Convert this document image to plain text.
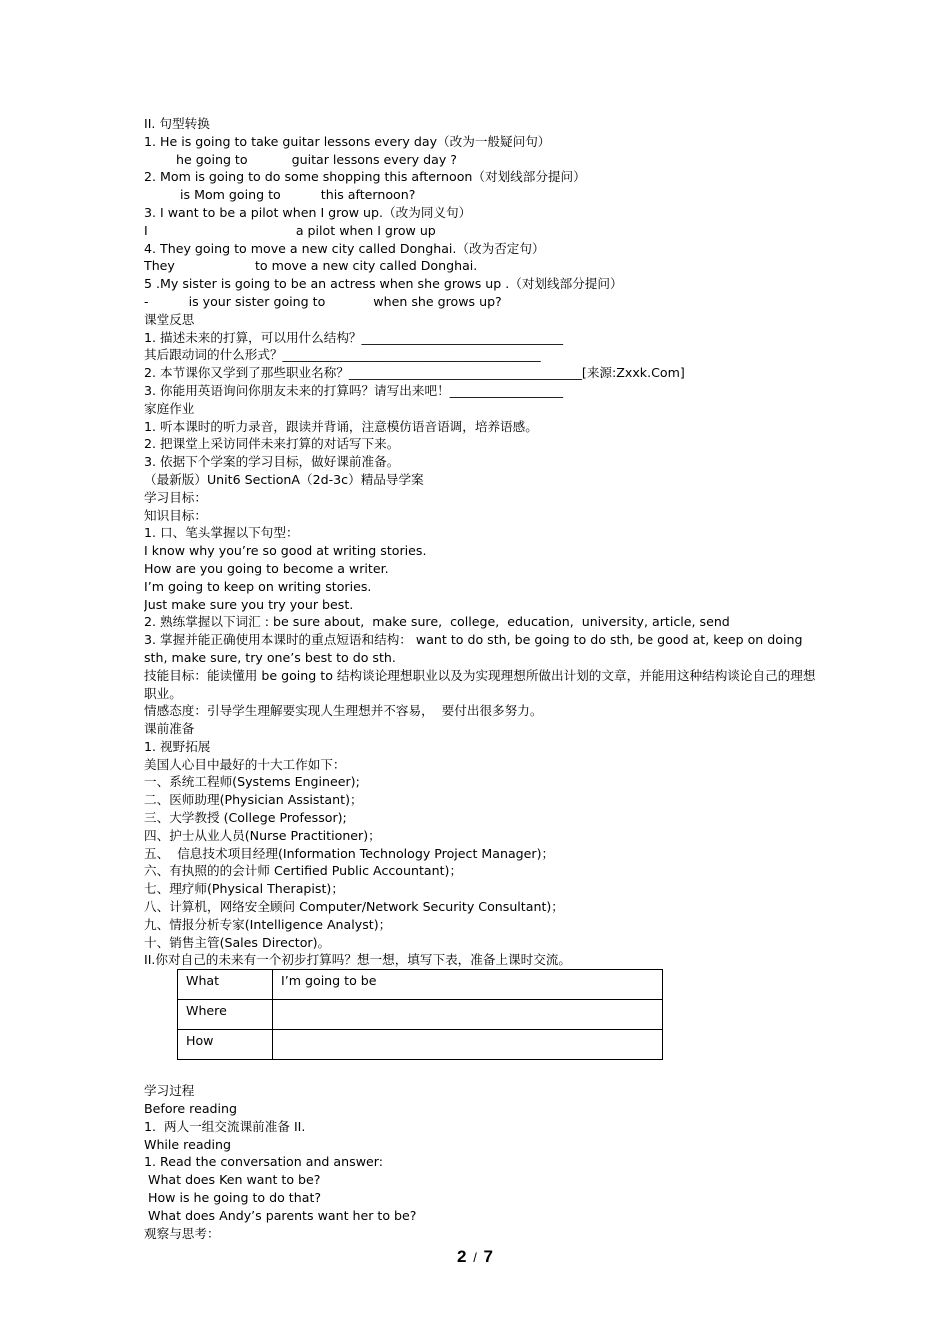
II. 句型转换
1. He is going to take guitar lessons every day（改为一般疑问句）
he going to           guitar lessons every day ?
2. Mom is going to do some shopping this afternoon（对划线部分提问）
is Mom going to          this afternoon?
3. I want to be a pilot when I grow up.（改为同义句）
I                                     a pilot when I grow up
4. They going to move a new city called Donghai.（改为否定句）
They                    to move a new city called Donghai.
5 .My sister is going to be an actress when she grows up .（对划线部分提问）
-          is your sister going to            when she grows up?
课堂反思
1. 描述未来的打算，可以用什么结构？________________________________
其后跟动词的什么形式？_________________________________________
2. 本节课你又学到了那些职业名称？_____________________________________[来源:Zxxk.Com]
3. 你能用英语询问你朋友未来的打算吗？请写出来吧！__________________
家庭作业
1. 听本课时的听力录音，跟读并背诵，注意模仿语音语调，培养语感。
2. 把课堂上采访同伴未来打算的对话写下来。
3. 依据下个学案的学习目标，做好课前准备。
（最新版）Unit6 SectionA（2d-3c）精品导学案
学习目标：
知识目标：
1. 口、笔头掌握以下句型：
I know why you’re so good at writing stories.
How are you going to become a writer.
I’m going to keep on writing stories.
Just make sure you try your best.
2. 熟练掌握以下词汇 : be sure about,  make sure,  college,  education,  university, article, send
3. 掌握并能正确使用本课时的重点短语和结构： want to do sth, be going to do sth, be good at, keep on doing sth, make sure, try one’s best to do sth.
技能目标：能读懂用 be going to 结构谈论理想职业以及为实现理想所做出计划的文章，并能用这种结构谈论自己的理想职业。
情感态度：引导学生理解要实现人生理想并不容易，  要付出很多努力。
课前准备
1. 视野拓展
美国人心目中最好的十大工作如下：
一、系统工程师(Systems Engineer);
二、医师助理(Physician Assistant)；
三、大学教授 (College Professor);
四、护士从业人员(Nurse Practitioner)；
五、  信息技术项目经理(Information Technology Project Manager)；
六、有执照的的会计师 Certified Public Accountant)；
七、理疗师(Physical Therapist)；
八、计算机，网络安全顾问 Computer/Network Security Consultant)；
九、情报分析专家(Intelligence Analyst)；
十、销售主管(Sales Director)。
II.你对自己的未来有一个初步打算吗？想一想，填写下表，准备上课时交流。
What	I’m going to be
Where	
How	
学习过程
Before reading
1.  两人一组交流课前准备 II.
While reading
1. Read the conversation and answer:
What does Ken want to be?
How is he going to do that?
What does Andy’s parents want her to be?
观察与思考：
2 / 7
